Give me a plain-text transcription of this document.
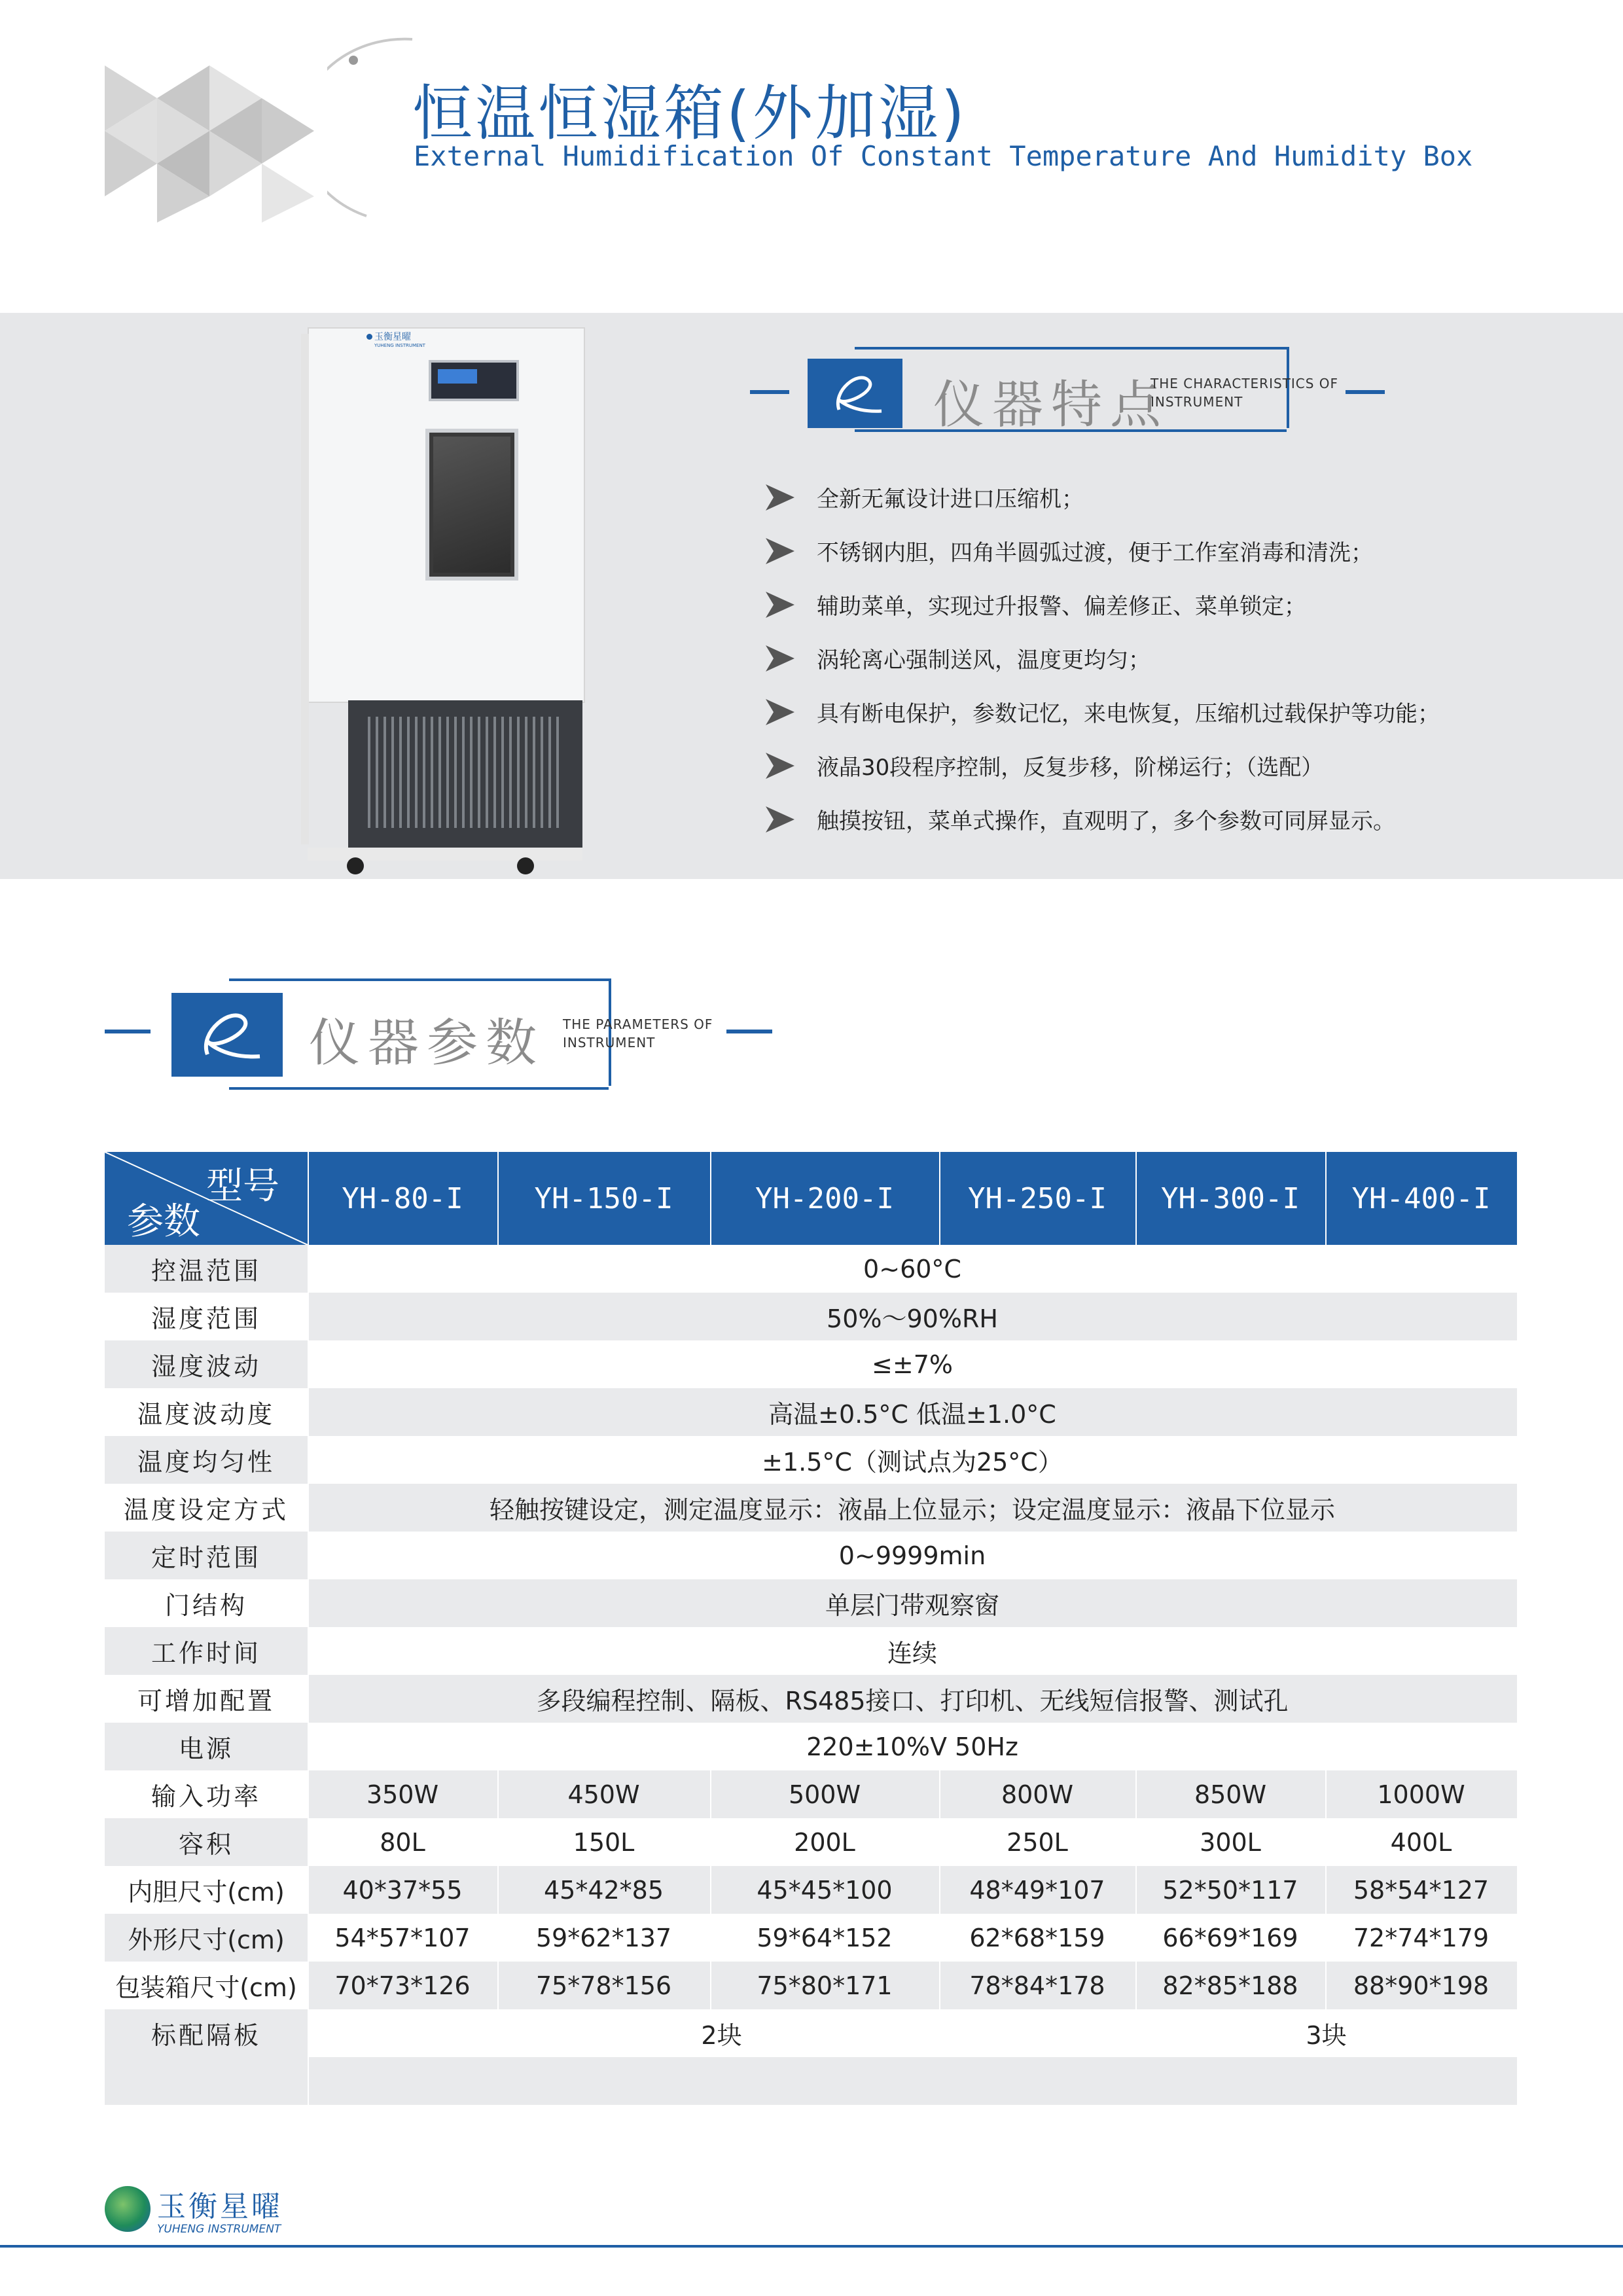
恒温恒湿箱(外加湿)
External Humidification Of Constant Temperature And Humidity Box
玉衡星曜
YUHENG INSTRUMENT
仪器特点
THE CHARACTERISTICS OF
INSTRUMENT
全新无氟设计进口压缩机；
不锈钢内胆，四角半圆弧过渡，便于工作室消毒和清洗；
辅助菜单，实现过升报警、偏差修正、菜单锁定；
涡轮离心强制送风，温度更均匀；
具有断电保护，参数记忆，来电恢复，压缩机过载保护等功能；
液晶30段程序控制，反复步移，阶梯运行；（选配）
触摸按钮，菜单式操作，直观明了，多个参数可同屏显示。
仪器参数 THE PARAMETERS OF
INSTRUMENT
型号
参数
YH-80-I	YH-150-I	YH-200-I	YH-250-I	YH-300-I	YH-400-I
控温范围	0~60°C
湿度范围	50%～90%RH
湿度波动	≤±7%
温度波动度	高温±0.5°C 低温±1.0°C
温度均匀性	±1.5°C（测试点为25°C）
温度设定方式	轻触按键设定，测定温度显示：液晶上位显示；设定温度显示：液晶下位显示
定时范围	0~9999min
门结构	单层门带观察窗
工作时间	连续
可增加配置	多段编程控制、隔板、RS485接口、打印机、无线短信报警、测试孔
电源	220±10%V 50Hz
输入功率	350W	450W	500W	800W	850W	1000W
容积	80L	150L	200L	250L	300L	400L
内胆尺寸(cm)	40*37*55	45*42*85	45*45*100	48*49*107	52*50*117	58*54*127
外形尺寸(cm)	54*57*107	59*62*137	59*64*152	62*68*159	66*69*169	72*74*179
包装箱尺寸(cm)	70*73*126	75*78*156	75*80*171	78*84*178	82*85*188	88*90*198
标配隔板	2块	3块
玉衡星曜
YUHENG INSTRUMENT
